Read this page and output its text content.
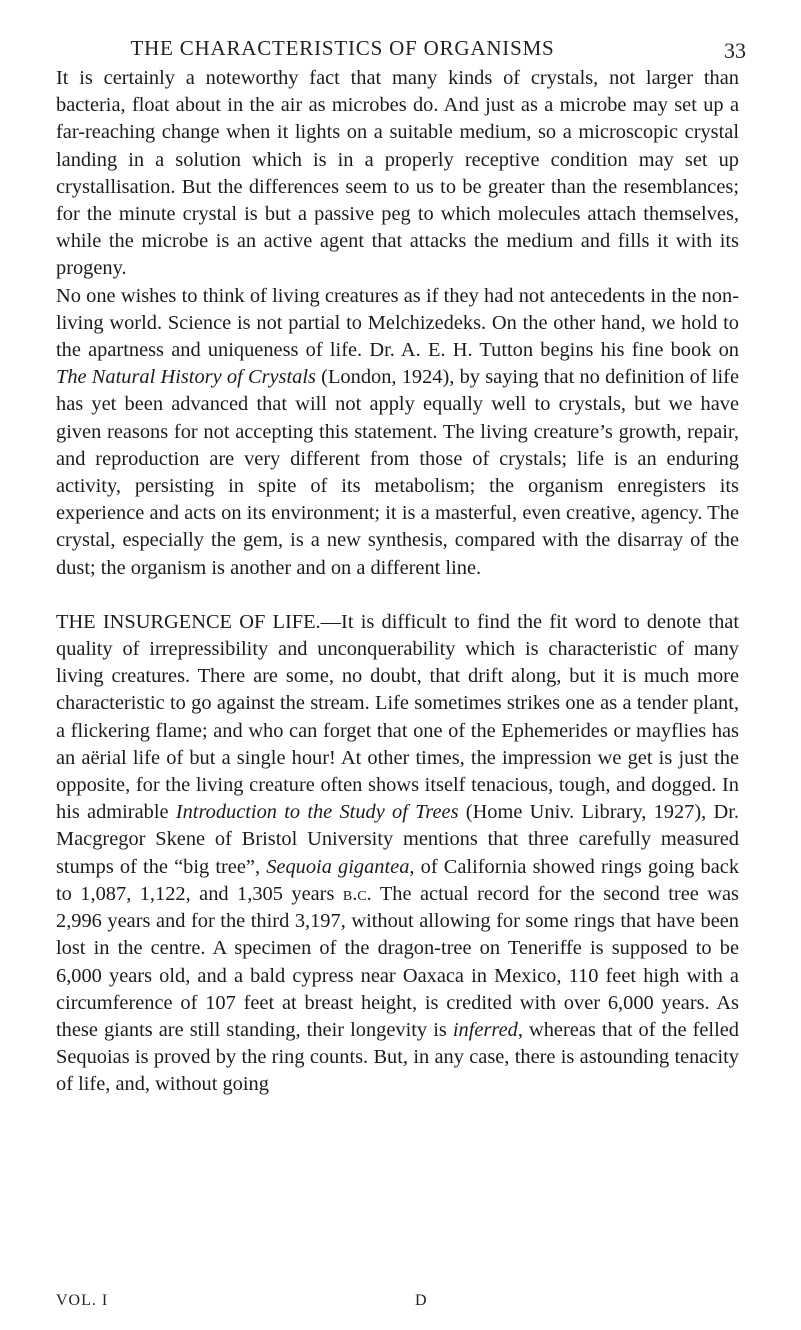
THE CHARACTERISTICS OF ORGANISMS	33

It is certainly a noteworthy fact that many kinds of crystals, not larger than bacteria, float about in the air as microbes do. And just as a microbe may set up a far-reaching change when it lights on a suitable medium, so a microscopic crystal landing in a solution which is in a properly receptive condition may set up crystallisation. But the differences seem to us to be greater than the resemblances; for the minute crystal is but a passive peg to which molecules attach themselves, while the microbe is an active agent that attacks the medium and fills it with its progeny.

No one wishes to think of living creatures as if they had not antecedents in the non-living world. Science is not partial to Melchizedeks. On the other hand, we hold to the apartness and uniqueness of life. Dr. A. E. H. Tutton begins his fine book on The Natural History of Crystals (London, 1924), by saying that no definition of life has yet been advanced that will not apply equally well to crystals, but we have given reasons for not accepting this statement. The living creature’s growth, repair, and reproduction are very different from those of crystals; life is an enduring activity, persisting in spite of its metabolism; the organism enregisters its experience and acts on its environment; it is a masterful, even creative, agency. The crystal, especially the gem, is a new synthesis, compared with the disarray of the dust; the organism is another and on a different line.

THE INSURGENCE OF LIFE.—It is difficult to find the fit word to denote that quality of irrepressibility and unconquerability which is characteristic of many living creatures. There are some, no doubt, that drift along, but it is much more characteristic to go against the stream. Life sometimes strikes one as a tender plant, a flickering flame; and who can forget that one of the Ephemerides or mayflies has an aërial life of but a single hour! At other times, the impression we get is just the opposite, for the living creature often shows itself tenacious, tough, and dogged. In his admirable Introduction to the Study of Trees (Home Univ. Library, 1927), Dr. Macgregor Skene of Bristol University mentions that three carefully measured stumps of the “big tree”, Sequoia gigantea, of California showed rings going back to 1,087, 1,122, and 1,305 years b.c. The actual record for the second tree was 2,996 years and for the third 3,197, without allowing for some rings that have been lost in the centre. A specimen of the dragon-tree on Teneriffe is supposed to be 6,000 years old, and a bald cypress near Oaxaca in Mexico, 110 feet high with a circumference of 107 feet at breast height, is credited with over 6,000 years. As these giants are still standing, their longevity is inferred, whereas that of the felled Sequoias is proved by the ring counts. But, in any case, there is astounding tenacity of life, and, without going

VOL. I	D
